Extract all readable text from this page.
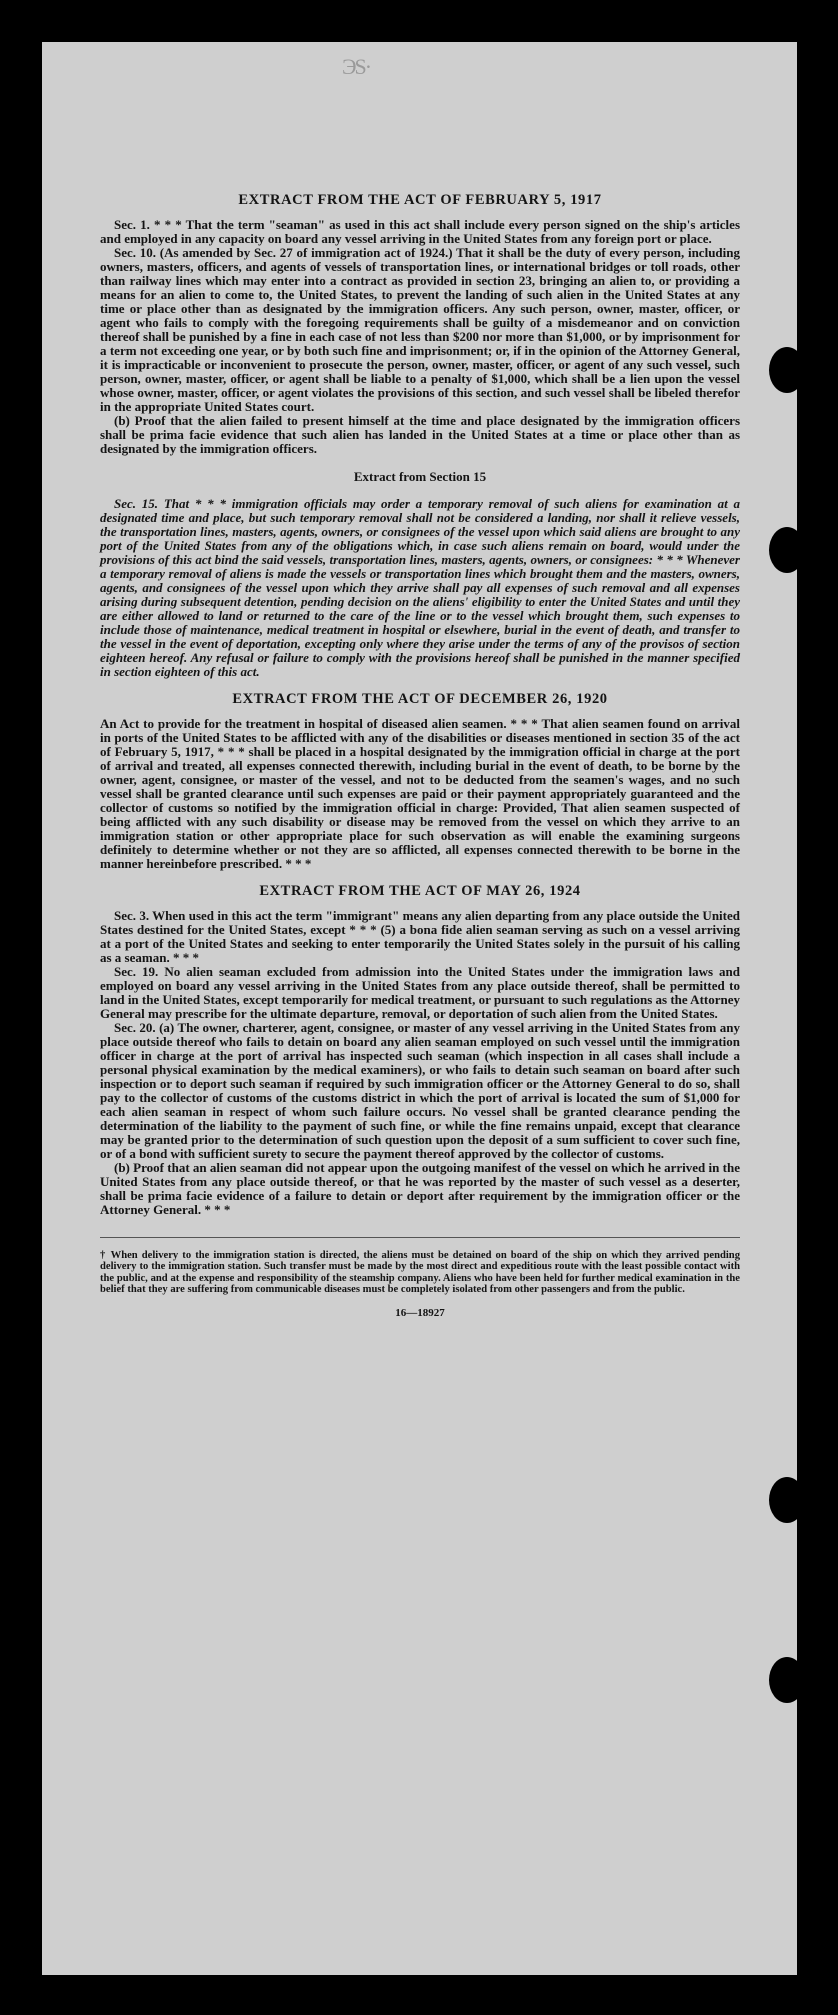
ЭS·
EXTRACT FROM THE ACT OF FEBRUARY 5, 1917

Sec. 1. * * * That the term "seaman" as used in this act shall include every person signed on the ship's articles and employed in any capacity on board any vessel arriving in the United States from any foreign port or place.

Sec. 10. (As amended by Sec. 27 of immigration act of 1924.) That it shall be the duty of every person, including owners, masters, officers, and agents of vessels of transportation lines, or international bridges or toll roads, other than railway lines which may enter into a contract as provided in section 23, bringing an alien to, or providing a means for an alien to come to, the United States, to prevent the landing of such alien in the United States at any time or place other than as designated by the immigration officers. Any such person, owner, master, officer, or agent who fails to comply with the foregoing requirements shall be guilty of a misdemeanor and on conviction thereof shall be punished by a fine in each case of not less than $200 nor more than $1,000, or by imprisonment for a term not exceeding one year, or by both such fine and imprisonment; or, if in the opinion of the Attorney General, it is impracticable or inconvenient to prosecute the person, owner, master, officer, or agent of any such vessel, such person, owner, master, officer, or agent shall be liable to a penalty of $1,000, which shall be a lien upon the vessel whose owner, master, officer, or agent violates the provisions of this section, and such vessel shall be libeled therefor in the appropriate United States court.

(b) Proof that the alien failed to present himself at the time and place designated by the immigration officers shall be prima facie evidence that such alien has landed in the United States at a time or place other than as designated by the immigration officers.

Extract from Section 15

Sec. 15. That * * * immigration officials may order a temporary removal of such aliens for examination at a designated time and place, but such temporary removal shall not be considered a landing, nor shall it relieve vessels, the transportation lines, masters, agents, owners, or consignees of the vessel upon which said aliens are brought to any port of the United States from any of the obligations which, in case such aliens remain on board, would under the provisions of this act bind the said vessels, transportation lines, masters, agents, owners, or consignees: * * * Whenever a temporary removal of aliens is made the vessels or transportation lines which brought them and the masters, owners, agents, and consignees of the vessel upon which they arrive shall pay all expenses of such removal and all expenses arising during subsequent detention, pending decision on the aliens' eligibility to enter the United States and until they are either allowed to land or returned to the care of the line or to the vessel which brought them, such expenses to include those of maintenance, medical treatment in hospital or elsewhere, burial in the event of death, and transfer to the vessel in the event of deportation, excepting only where they arise under the terms of any of the provisos of section eighteen hereof. Any refusal or failure to comply with the provisions hereof shall be punished in the manner specified in section eighteen of this act.

EXTRACT FROM THE ACT OF DECEMBER 26, 1920

An Act to provide for the treatment in hospital of diseased alien seamen. * * * That alien seamen found on arrival in ports of the United States to be afflicted with any of the disabilities or diseases mentioned in section 35 of the act of February 5, 1917, * * * shall be placed in a hospital designated by the immigration official in charge at the port of arrival and treated, all expenses connected therewith, including burial in the event of death, to be borne by the owner, agent, consignee, or master of the vessel, and not to be deducted from the seamen's wages, and no such vessel shall be granted clearance until such expenses are paid or their payment appropriately guaranteed and the collector of customs so notified by the immigration official in charge: Provided, That alien seamen suspected of being afflicted with any such disability or disease may be removed from the vessel on which they arrive to an immigration station or other appropriate place for such observation as will enable the examining surgeons definitely to determine whether or not they are so afflicted, all expenses connected therewith to be borne in the manner hereinbefore prescribed. * * *

EXTRACT FROM THE ACT OF MAY 26, 1924

Sec. 3. When used in this act the term "immigrant" means any alien departing from any place outside the United States destined for the United States, except * * * (5) a bona fide alien seaman serving as such on a vessel arriving at a port of the United States and seeking to enter temporarily the United States solely in the pursuit of his calling as a seaman. * * *

Sec. 19. No alien seaman excluded from admission into the United States under the immigration laws and employed on board any vessel arriving in the United States from any place outside thereof, shall be permitted to land in the United States, except temporarily for medical treatment, or pursuant to such regulations as the Attorney General may prescribe for the ultimate departure, removal, or deportation of such alien from the United States.

Sec. 20. (a) The owner, charterer, agent, consignee, or master of any vessel arriving in the United States from any place outside thereof who fails to detain on board any alien seaman employed on such vessel until the immigration officer in charge at the port of arrival has inspected such seaman (which inspection in all cases shall include a personal physical examination by the medical examiners), or who fails to detain such seaman on board after such inspection or to deport such seaman if required by such immigration officer or the Attorney General to do so, shall pay to the collector of customs of the customs district in which the port of arrival is located the sum of $1,000 for each alien seaman in respect of whom such failure occurs. No vessel shall be granted clearance pending the determination of the liability to the payment of such fine, or while the fine remains unpaid, except that clearance may be granted prior to the determination of such question upon the deposit of a sum sufficient to cover such fine, or of a bond with sufficient surety to secure the payment thereof approved by the collector of customs.

(b) Proof that an alien seaman did not appear upon the outgoing manifest of the vessel on which he arrived in the United States from any place outside thereof, or that he was reported by the master of such vessel as a deserter, shall be prima facie evidence of a failure to detain or deport after requirement by the immigration officer or the Attorney General. * * *

† When delivery to the immigration station is directed, the aliens must be detained on board of the ship on which they arrived pending delivery to the immigration station. Such transfer must be made by the most direct and expeditious route with the least possible contact with the public, and at the expense and responsibility of the steamship company. Aliens who have been held for further medical examination in the belief that they are suffering from communicable diseases must be completely isolated from other passengers and from the public.

16—18927
